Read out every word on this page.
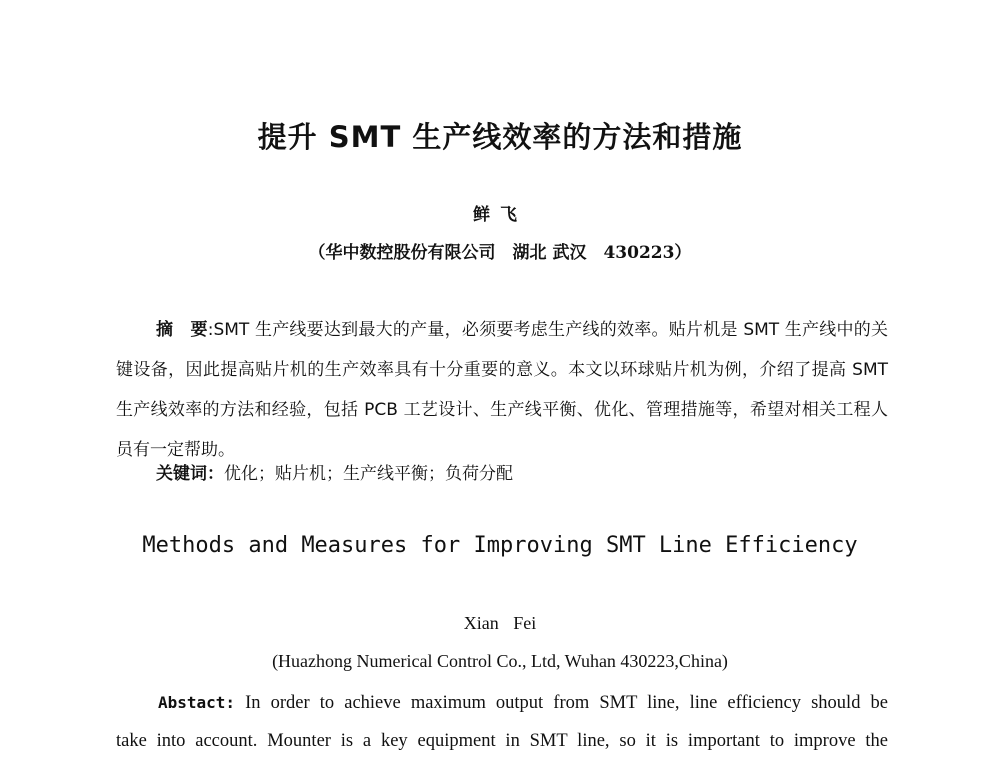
提升 SMT 生产线效率的方法和措施
鲜飞
（华中数控股份有限公司　湖北 武汉　430223）

摘　要:SMT 生产线要达到最大的产量，必须要考虑生产线的效率。贴片机是 SMT 生产线中的关键设备，因此提高贴片机的生产效率具有十分重要的意义。本文以环球贴片机为例，介绍了提高 SMT 生产线效率的方法和经验，包括 PCB 工艺设计、生产线平衡、优化、管理措施等，希望对相关工程人员有一定帮助。

关键词：优化；贴片机；生产线平衡；负荷分配
Methods and Measures for Improving SMT Line Efficiency
Xian Fei
(Huazhong Numerical Control Co., Ltd, Wuhan 430223,China)

Abstact: In order to achieve maximum output from SMT line, line efficiency should be

take into account. Mounter is a key equipment in SMT line, so it is important to improve the
